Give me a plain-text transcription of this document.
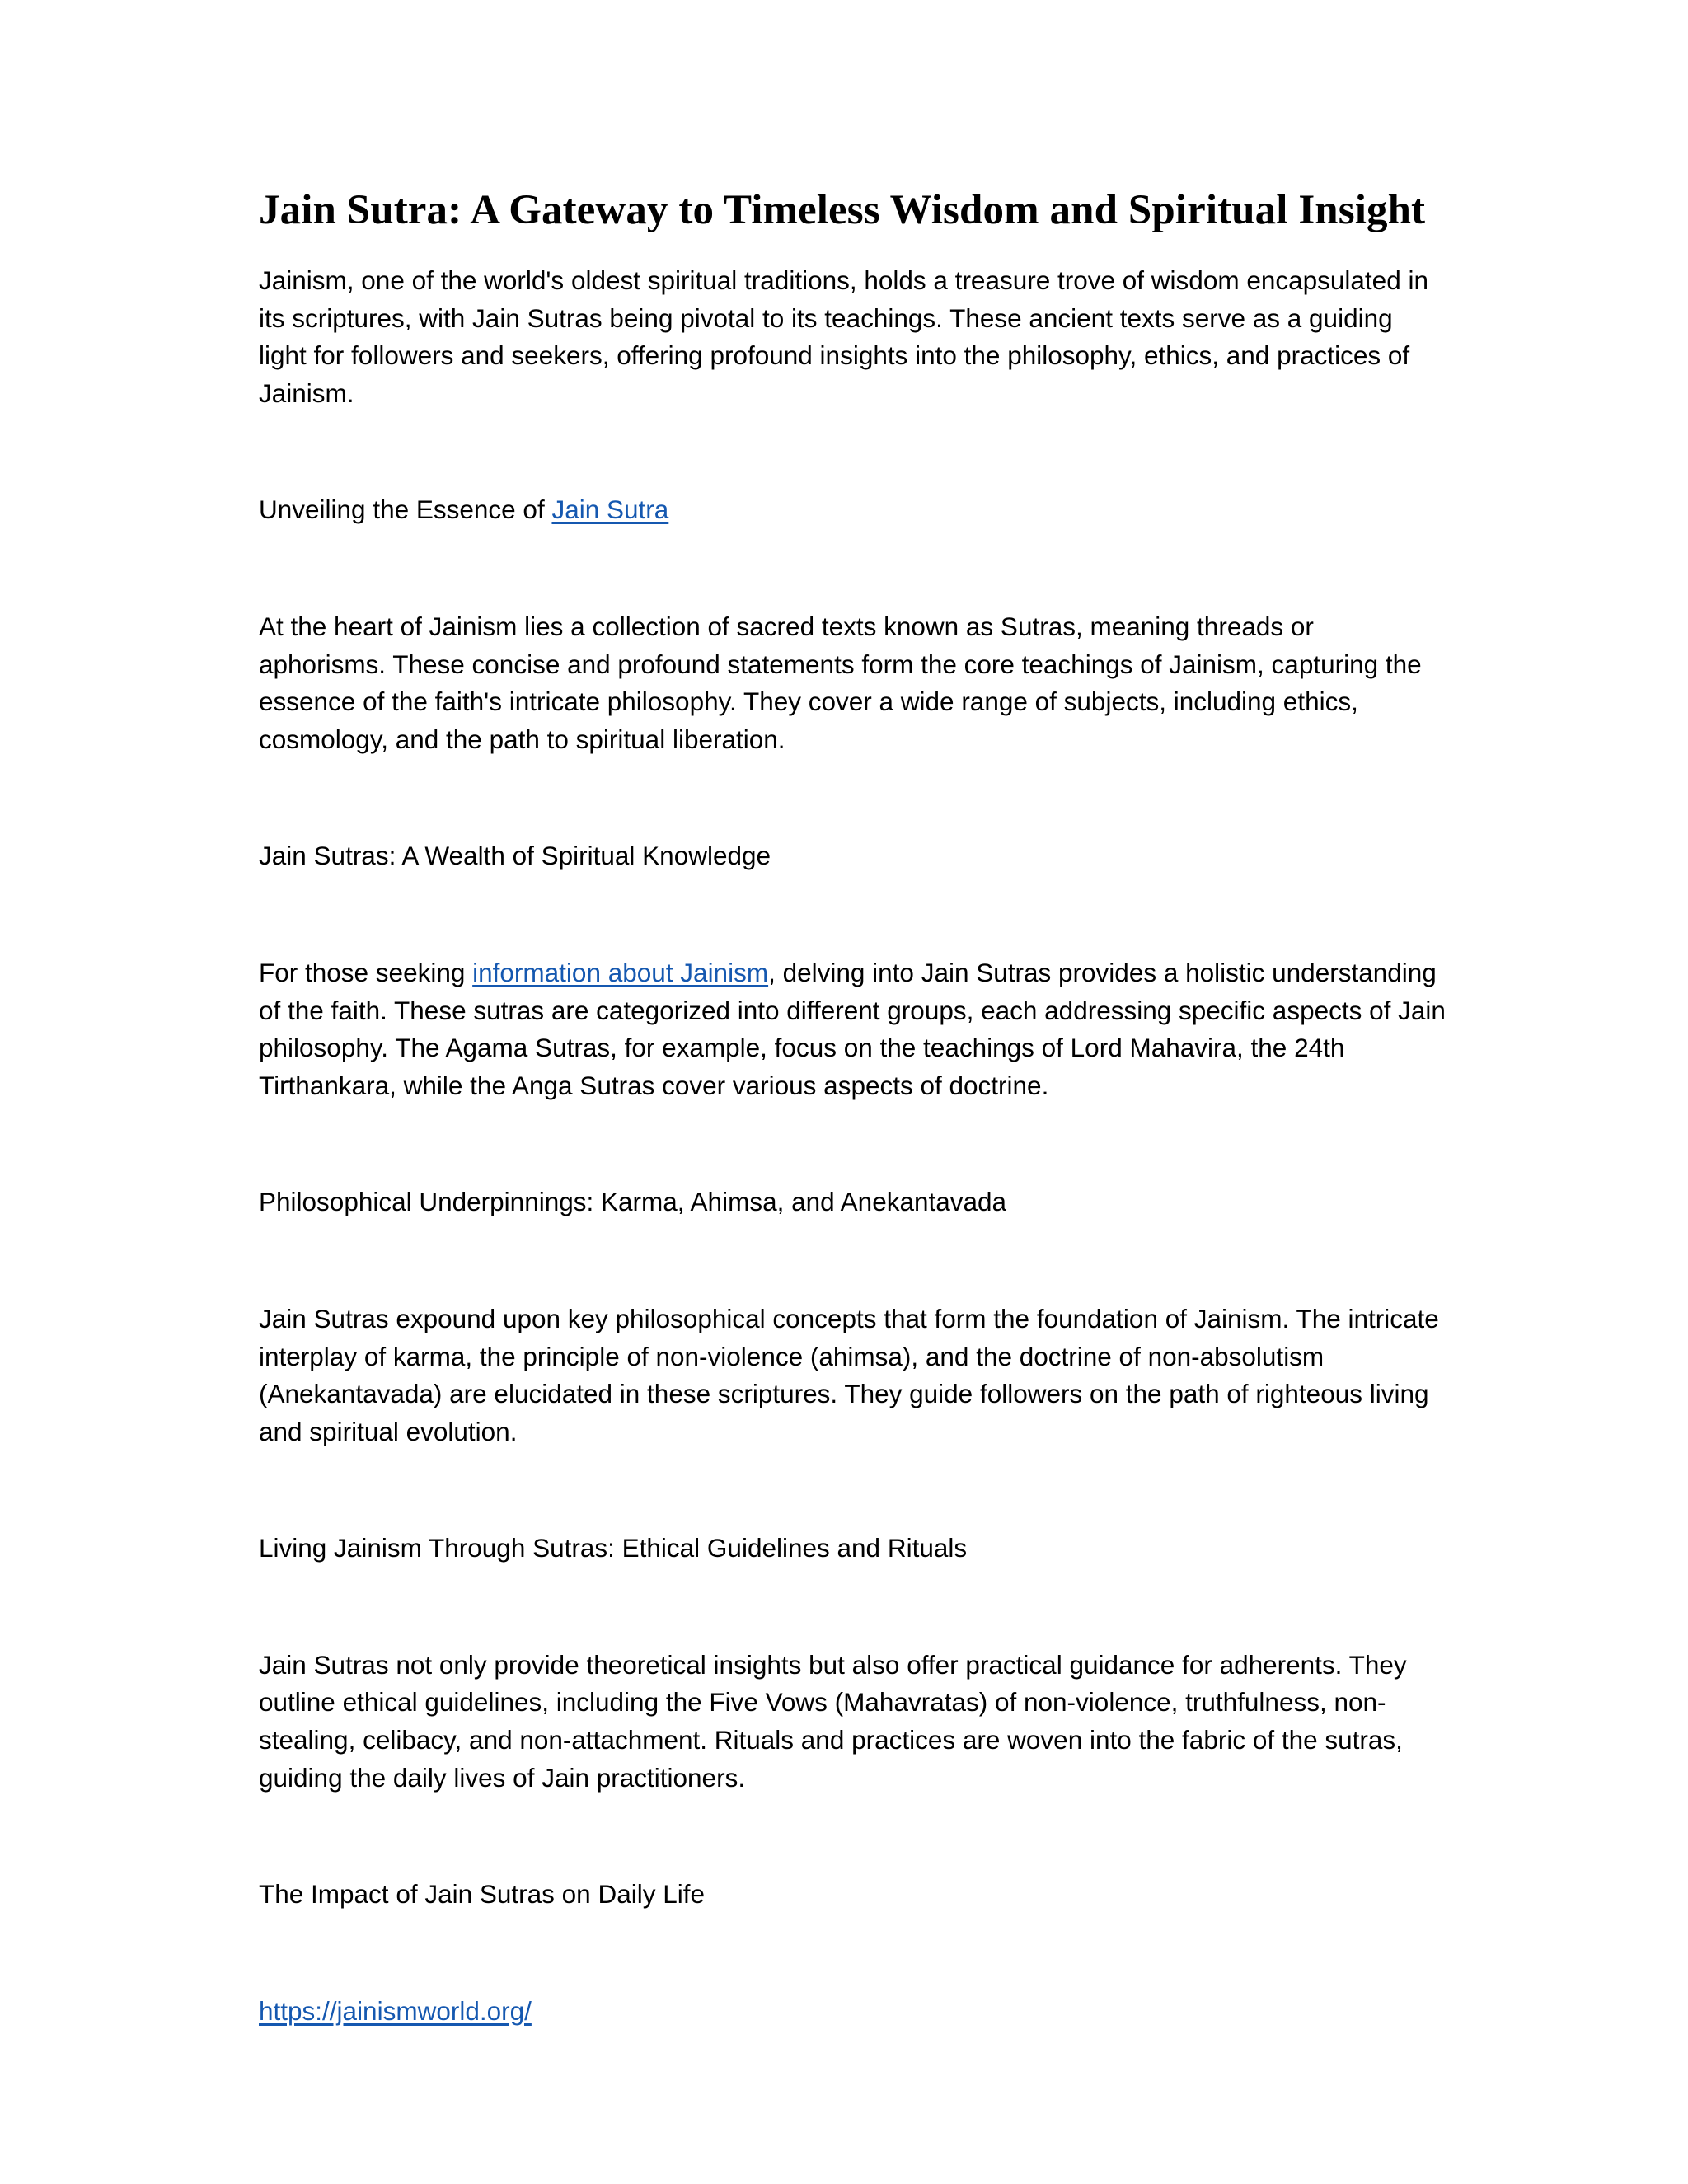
Jain Sutra: A Gateway to Timeless Wisdom and Spiritual Insight

Jainism, one of the world's oldest spiritual traditions, holds a treasure trove of wisdom encapsulated in its scriptures, with Jain Sutras being pivotal to its teachings. These ancient texts serve as a guiding light for followers and seekers, offering profound insights into the philosophy, ethics, and practices of Jainism.

Unveiling the Essence of Jain Sutra

At the heart of Jainism lies a collection of sacred texts known as Sutras, meaning threads or aphorisms. These concise and profound statements form the core teachings of Jainism, capturing the essence of the faith's intricate philosophy. They cover a wide range of subjects, including ethics, cosmology, and the path to spiritual liberation.

Jain Sutras: A Wealth of Spiritual Knowledge

For those seeking information about Jainism, delving into Jain Sutras provides a holistic understanding of the faith. These sutras are categorized into different groups, each addressing specific aspects of Jain philosophy. The Agama Sutras, for example, focus on the teachings of Lord Mahavira, the 24th Tirthankara, while the Anga Sutras cover various aspects of doctrine.

Philosophical Underpinnings: Karma, Ahimsa, and Anekantavada

Jain Sutras expound upon key philosophical concepts that form the foundation of Jainism. The intricate interplay of karma, the principle of non-violence (ahimsa), and the doctrine of non-absolutism (Anekantavada) are elucidated in these scriptures. They guide followers on the path of righteous living and spiritual evolution.

Living Jainism Through Sutras: Ethical Guidelines and Rituals

Jain Sutras not only provide theoretical insights but also offer practical guidance for adherents. They outline ethical guidelines, including the Five Vows (Mahavratas) of non-violence, truthfulness, non-stealing, celibacy, and non-attachment. Rituals and practices are woven into the fabric of the sutras, guiding the daily lives of Jain practitioners.

The Impact of Jain Sutras on Daily Life

https://jainismworld.org/
